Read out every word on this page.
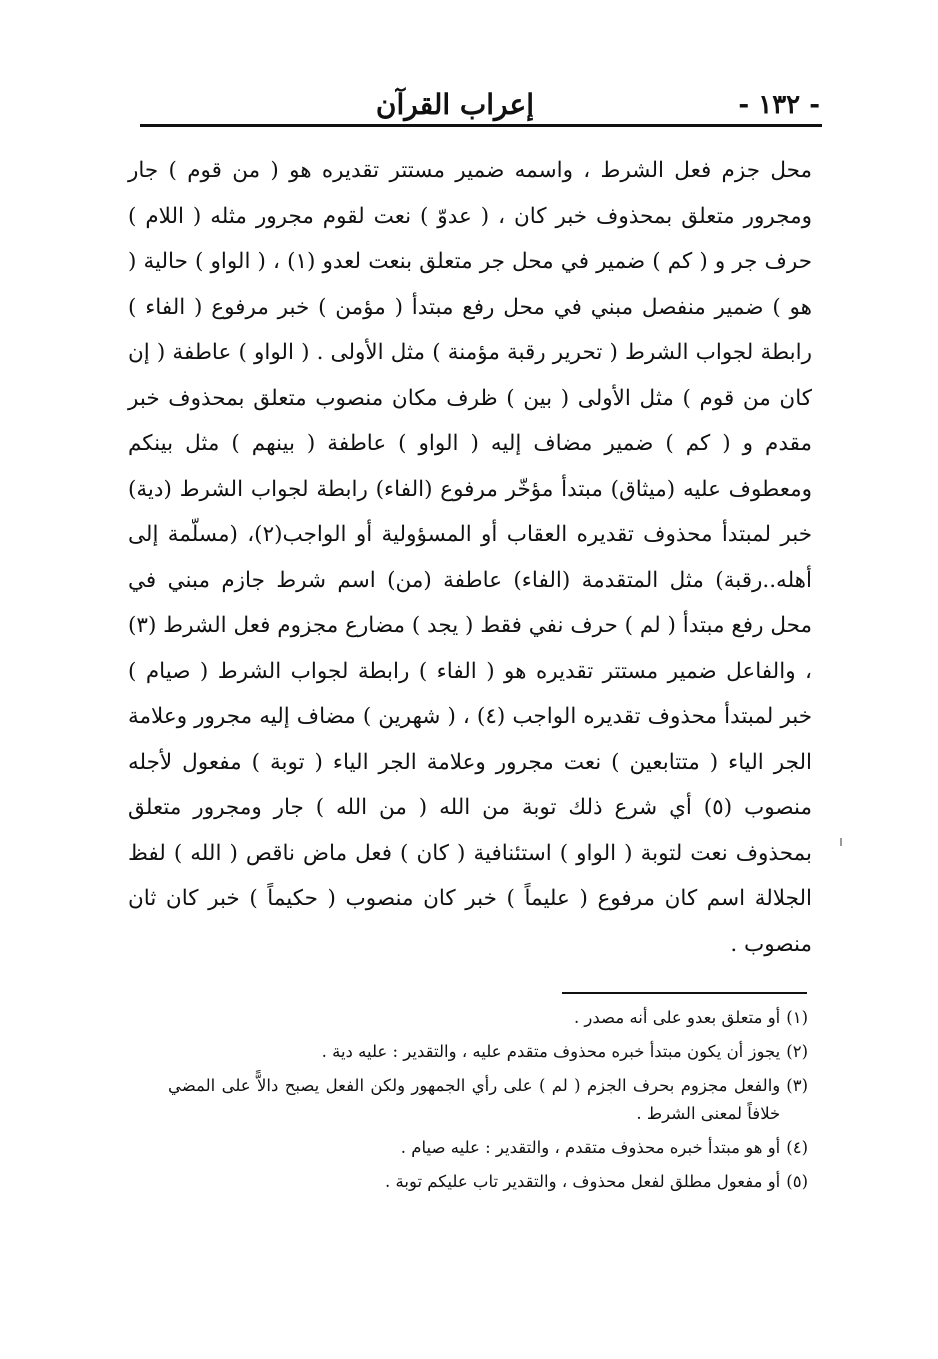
- ١٣٢ -
إعراب القرآن

محل جزم فعل الشرط ، واسمه ضمير مستتر تقديره هو ( من قوم ) جار ومجرور متعلق بمحذوف خبر كان ، ( عدوّ ) نعت لقوم مجرور مثله ( اللام ) حرف جر و ( كم ) ضمير في محل جر متعلق بنعت لعدو (١) ، ( الواو ) حالية ( هو ) ضمير منفصل مبني في محل رفع مبتدأ ( مؤمن ) خبر مرفوع ( الفاء ) رابطة لجواب الشرط ( تحرير رقبة مؤمنة ) مثل الأولى . ( الواو ) عاطفة ( إن كان من قوم ) مثل الأولى ( بين ) ظرف مكان منصوب متعلق بمحذوف خبر مقدم و ( كم ) ضمير مضاف إليه ( الواو ) عاطفة ( بينهم ) مثل بينكم ومعطوف عليه (ميثاق) مبتدأ مؤخّر مرفوع (الفاء) رابطة لجواب الشرط (دية) خبر لمبتدأ محذوف تقديره العقاب أو المسؤولية أو الواجب(٢)، (مسلّمة إلى أهله..رقبة) مثل المتقدمة (الفاء) عاطفة (من) اسم شرط جازم مبني في محل رفع مبتدأ ( لم ) حرف نفي فقط ( يجد ) مضارع مجزوم فعل الشرط (٣) ، والفاعل ضمير مستتر تقديره هو ( الفاء ) رابطة لجواب الشرط ( صيام ) خبر لمبتدأ محذوف تقديره الواجب (٤) ، ( شهرين ) مضاف إليه مجرور وعلامة الجر الياء ( متتابعين ) نعت مجرور وعلامة الجر الياء ( توبة ) مفعول لأجله منصوب (٥) أي شرع ذلك توبة من الله ( من الله ) جار ومجرور متعلق بمحذوف نعت لتوبة ( الواو ) استئنافية ( كان ) فعل ماض ناقص ( الله ) لفظ الجلالة اسم كان مرفوع ( عليماً ) خبر كان منصوب ( حكيماً ) خبر كان ثان منصوب .

(١)
أو متعلق بعدو على أنه مصدر .
(٢)
يجوز أن يكون مبتدأ خبره محذوف متقدم عليه ، والتقدير : عليه دية .
(٣)
والفعل مجزوم بحرف الجزم ( لم ) على رأي الجمهور ولكن الفعل يصبح دالاًّ على المضي خلافاً لمعنى الشرط .
(٤)
أو هو مبتدأ خبره محذوف متقدم ، والتقدير : عليه صيام .
(٥)
أو مفعول مطلق لفعل محذوف ، والتقدير تاب عليكم توبة .
